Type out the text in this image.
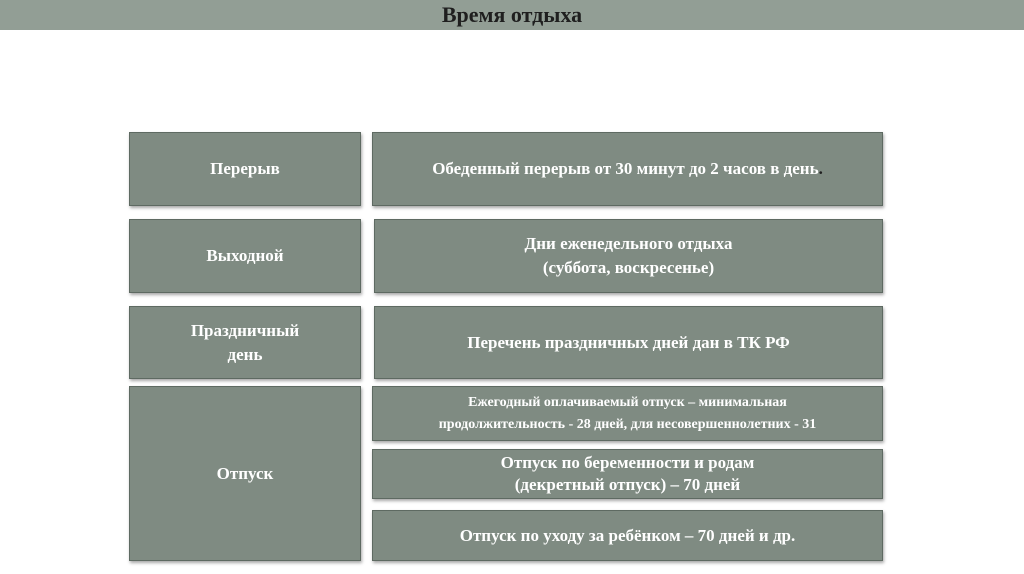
Время отдыха
Перерыв	Обеденный перерыв от 30 минут до 2 часов в день.
Выходной
Дни еженедельного отдыха
(суббота, воскресенье)
Праздничный
день
Перечень праздничных дней дан в ТК РФ
Отпуск
Ежегодный оплачиваемый отпуск – минимальная
продолжительность - 28 дней, для несовершеннолетних - 31
Отпуск по беременности и родам
(декретный отпуск) – 70 дней
Отпуск по уходу за ребёнком – 70 дней и др.
